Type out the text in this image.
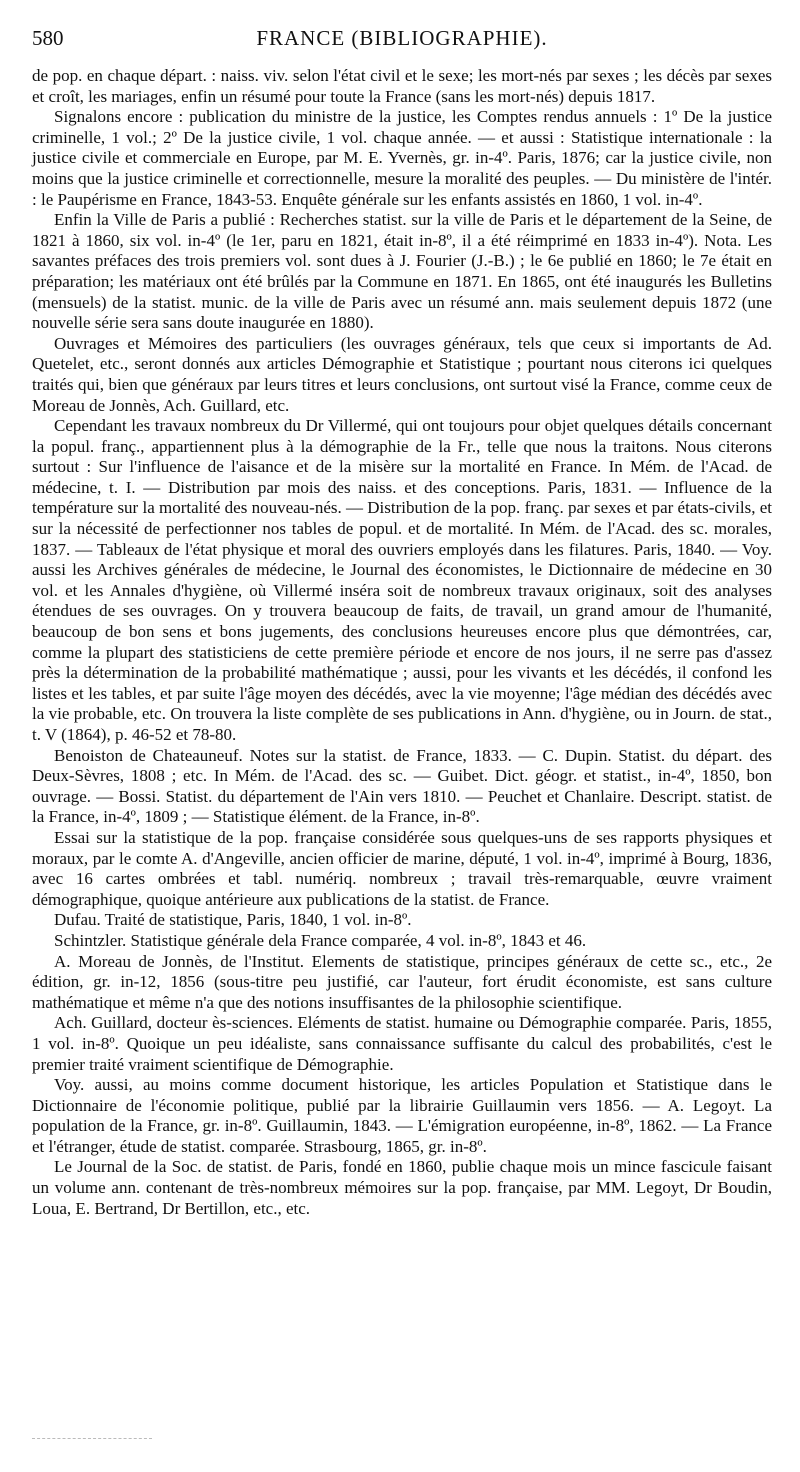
580	FRANCE (BIBLIOGRAPHIE).

de pop. en chaque départ. : naiss. viv. selon l'état civil et le sexe; les mort-nés par sexes ; les décès par sexes et croît, les mariages, enfin un résumé pour toute la France (sans les mort-nés) depuis 1817.

Signalons encore : publication du ministre de la justice, les Comptes rendus annuels : 1º De la justice criminelle, 1 vol.; 2º De la justice civile, 1 vol. chaque année. — et aussi : Statistique internationale : la justice civile et commerciale en Europe, par M. E. Yvernès, gr. in-4º. Paris, 1876; car la justice civile, non moins que la justice criminelle et correctionnelle, mesure la moralité des peuples. — Du ministère de l'intér. : le Paupérisme en France, 1843-53. Enquête générale sur les enfants assistés en 1860, 1 vol. in-4º.

Enfin la Ville de Paris a publié : Recherches statist. sur la ville de Paris et le département de la Seine, de 1821 à 1860, six vol. in-4º (le 1er, paru en 1821, était in-8º, il a été réimprimé en 1833 in-4º). Nota. Les savantes préfaces des trois premiers vol. sont dues à J. Fourier (J.-B.) ; le 6e publié en 1860; le 7e était en préparation; les matériaux ont été brûlés par la Commune en 1871. En 1865, ont été inaugurés les Bulletins (mensuels) de la statist. munic. de la ville de Paris avec un résumé ann. mais seulement depuis 1872 (une nouvelle série sera sans doute inaugurée en 1880).

Ouvrages et Mémoires des particuliers (les ouvrages généraux, tels que ceux si importants de Ad. Quetelet, etc., seront donnés aux articles Démographie et Statistique ; pourtant nous citerons ici quelques traités qui, bien que généraux par leurs titres et leurs conclusions, ont surtout visé la France, comme ceux de Moreau de Jonnès, Ach. Guillard, etc.

Cependant les travaux nombreux du Dr Villermé, qui ont toujours pour objet quelques détails concernant la popul. franç., appartiennent plus à la démographie de la Fr., telle que nous la traitons. Nous citerons surtout : Sur l'influence de l'aisance et de la misère sur la mortalité en France. In Mém. de l'Acad. de médecine, t. I. — Distribution par mois des naiss. et des conceptions. Paris, 1831. — Influence de la température sur la mortalité des nouveau-nés. — Distribution de la pop. franç. par sexes et par états-civils, et sur la nécessité de perfectionner nos tables de popul. et de mortalité. In Mém. de l'Acad. des sc. morales, 1837. — Tableaux de l'état physique et moral des ouvriers employés dans les filatures. Paris, 1840. — Voy. aussi les Archives générales de médecine, le Journal des économistes, le Dictionnaire de médecine en 30 vol. et les Annales d'hygiène, où Villermé inséra soit de nombreux travaux originaux, soit des analyses étendues de ses ouvrages. On y trouvera beaucoup de faits, de travail, un grand amour de l'humanité, beaucoup de bon sens et bons jugements, des conclusions heureuses encore plus que démontrées, car, comme la plupart des statisticiens de cette première période et encore de nos jours, il ne serre pas d'assez près la détermination de la probabilité mathématique ; aussi, pour les vivants et les décédés, il confond les listes et les tables, et par suite l'âge moyen des décédés, avec la vie moyenne; l'âge médian des décédés avec la vie probable, etc. On trouvera la liste complète de ses publications in Ann. d'hygiène, ou in Journ. de stat., t. V (1864), p. 46-52 et 78-80.

Benoiston de Chateauneuf. Notes sur la statist. de France, 1833. — C. Dupin. Statist. du départ. des Deux-Sèvres, 1808 ; etc. In Mém. de l'Acad. des sc. — Guibet. Dict. géogr. et statist., in-4º, 1850, bon ouvrage. — Bossi. Statist. du département de l'Ain vers 1810. — Peuchet et Chanlaire. Descript. statist. de la France, in-4º, 1809 ; — Statistique élément. de la France, in-8º.

Essai sur la statistique de la pop. française considérée sous quelques-uns de ses rapports physiques et moraux, par le comte A. d'Angeville, ancien officier de marine, député, 1 vol. in-4º, imprimé à Bourg, 1836, avec 16 cartes ombrées et tabl. numériq. nombreux ; travail très-remarquable, œuvre vraiment démographique, quoique antérieure aux publications de la statist. de France.

Dufau. Traité de statistique, Paris, 1840, 1 vol. in-8º.

Schintzler. Statistique générale dela France comparée, 4 vol. in-8º, 1843 et 46.

A. Moreau de Jonnès, de l'Institut. Elements de statistique, principes généraux de cette sc., etc., 2e édition, gr. in-12, 1856 (sous-titre peu justifié, car l'auteur, fort érudit économiste, est sans culture mathématique et même n'a que des notions insuffisantes de la philosophie scientifique.

Ach. Guillard, docteur ès-sciences. Eléments de statist. humaine ou Démographie comparée. Paris, 1855, 1 vol. in-8º. Quoique un peu idéaliste, sans connaissance suffisante du calcul des probabilités, c'est le premier traité vraiment scientifique de Démographie.

Voy. aussi, au moins comme document historique, les articles Population et Statistique dans le Dictionnaire de l'économie politique, publié par la librairie Guillaumin vers 1856. — A. Legoyt. La population de la France, gr. in-8º. Guillaumin, 1843. — L'émigration européenne, in-8º, 1862. — La France et l'étranger, étude de statist. comparée. Strasbourg, 1865, gr. in-8º.

Le Journal de la Soc. de statist. de Paris, fondé en 1860, publie chaque mois un mince fascicule faisant un volume ann. contenant de très-nombreux mémoires sur la pop. française, par MM. Legoyt, Dr Boudin, Loua, E. Bertrand, Dr Bertillon, etc., etc.
